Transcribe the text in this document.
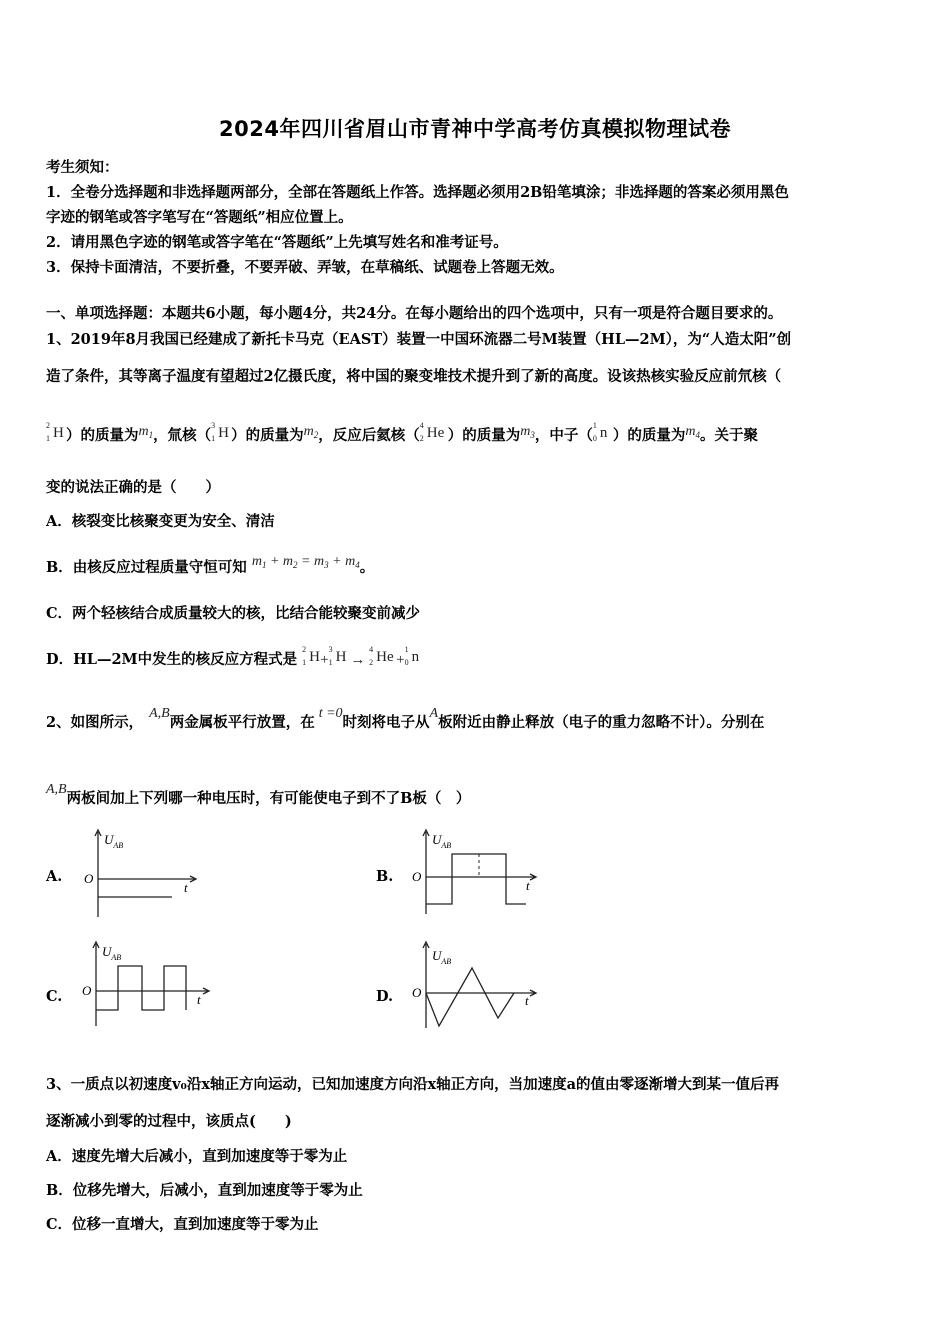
2024年四川省眉山市青神中学高考仿真模拟物理试卷
考生须知：
1．全卷分选择题和非选择题两部分，全部在答题纸上作答。选择题必须用2B铅笔填涂；非选择题的答案必须用黑色
字迹的钢笔或答字笔写在“答题纸”相应位置上。
2．请用黑色字迹的钢笔或答字笔在“答题纸”上先填写姓名和准考证号。
3．保持卡面清洁，不要折叠，不要弄破、弄皱，在草稿纸、试题卷上答题无效。
一、单项选择题：本题共6小题，每小题4分，共24分。在每小题给出的四个选项中，只有一项是符合题目要求的。
1、2019年8月我国已经建成了新托卡马克（EAST）装置一中国环流器二号M装置（HL—2M），为“人造太阳”创
造了条件，其等离子温度有望超过2亿摄氏度，将中国的聚变堆技术提升到了新的高度。设该热核实验反应前氘核（
2
1 H ）的质量为$m_1$，氚核（
3
1 H ）的质量为$m_2$，反应后氦核（
4
2 He ）的质量为$m_3$，中子（
1
0 n ）的质量为$m_4$。关于聚
变的说法正确的是（　　）
A．核裂变比核聚变更为安全、清洁
B．由核反应过程质量守恒可知 $m_1 + m_2 = m_3 + m_4$。
C．两个轻核结合成质量较大的核，比结合能较聚变前减少
D．HL—2M中发生的核反应方程式是
2
1 H +
3
1 H →
4
2 He +
1
0 n
2、如图所示，A,B两金属板平行放置，在t =0时刻将电子从A板附近由静止释放（电子的重力忽略不计）。分别在
A,B两板间加上下列哪一种电压时，有可能使电子到不了B板（　）
A.	B.
C.	D.
$U_{AB}$
O
t
$U_{AB}$
O
t
$U_{AB}$
O
t
$U_{AB}$
O
t
3、一质点以初速度v₀沿x轴正方向运动，已知加速度方向沿x轴正方向，当加速度a的值由零逐渐增大到某一值后再
逐渐减小到零的过程中，该质点(　　)
A．速度先增大后减小，直到加速度等于零为止
B．位移先增大，后减小，直到加速度等于零为止
C．位移一直增大，直到加速度等于零为止
